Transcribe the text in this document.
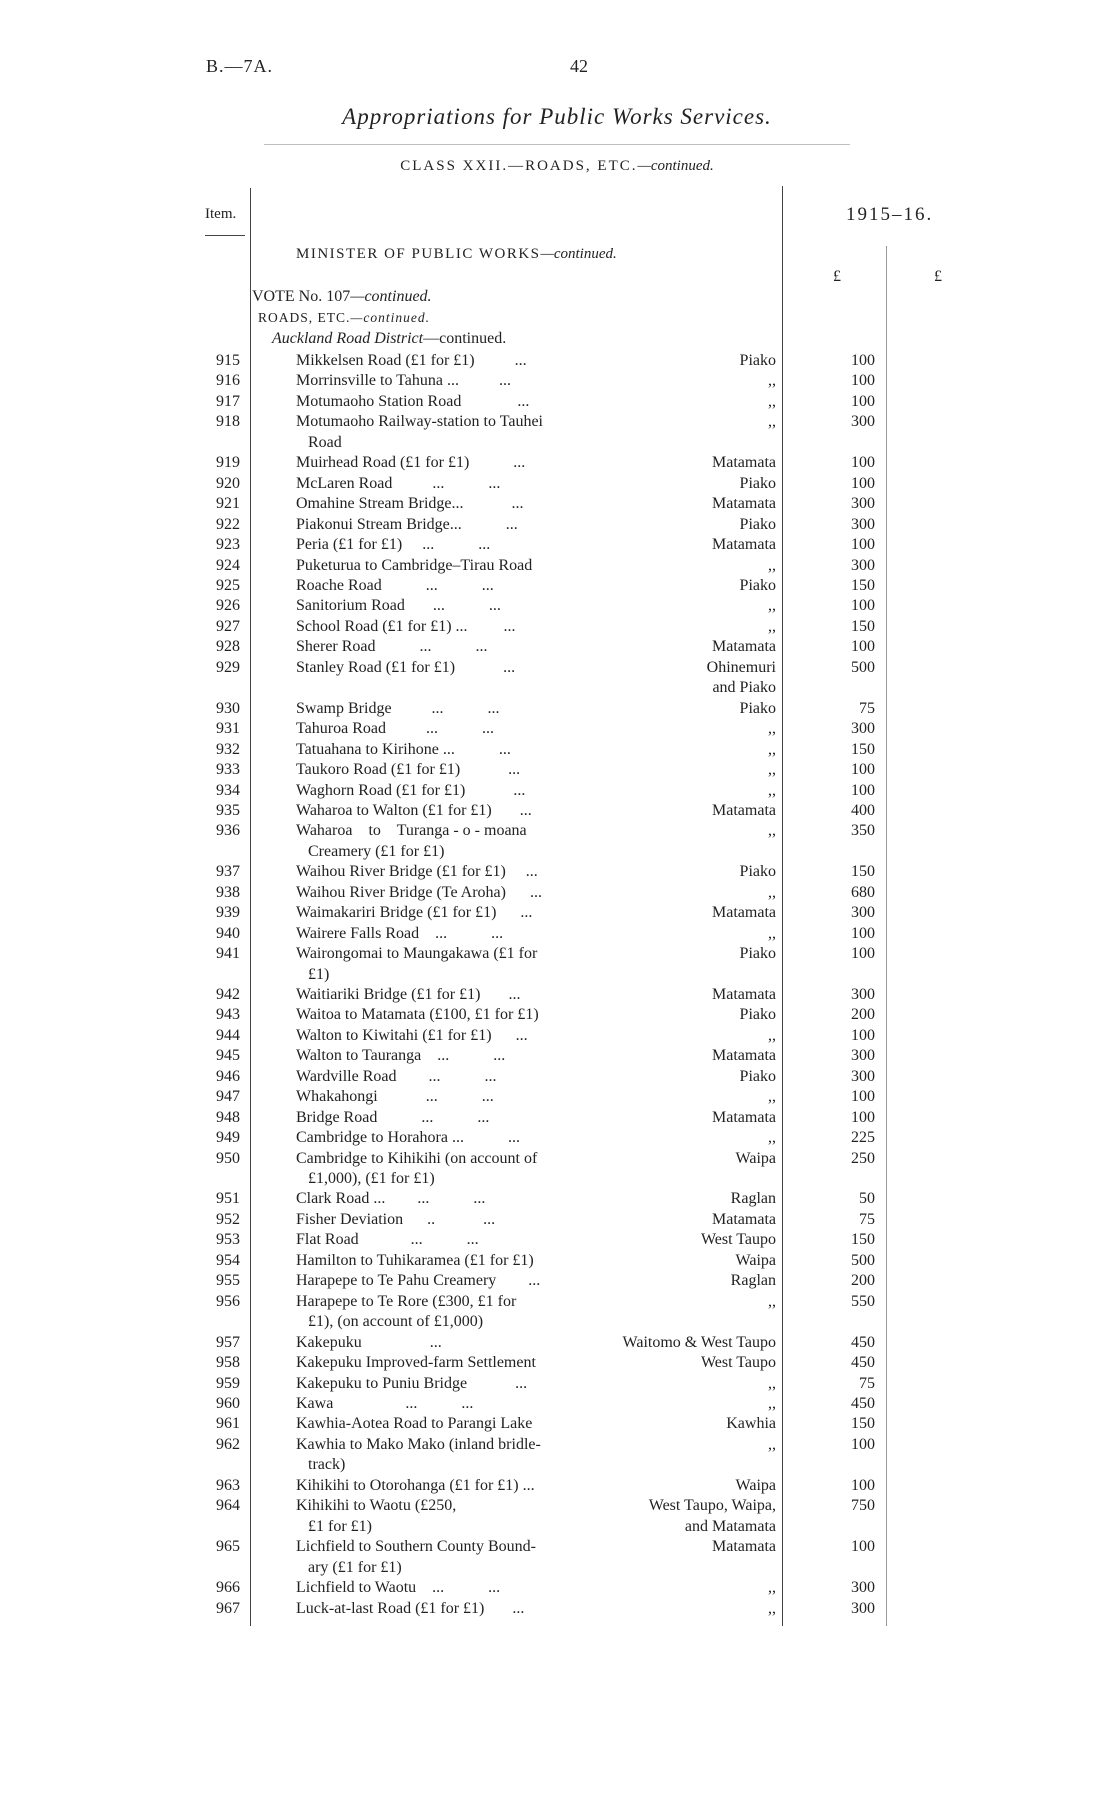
B.—7A.	42
Appropriations for Public Works Services.
CLASS XXII.—ROADS, ETC.—continued.
Item.	1915–16.
£	£
MINISTER OF PUBLIC WORKS—continued.
VOTE No. 107—continued.
ROADS, ETC.—continued.
Auckland Road District—continued.
915	Mikkelsen Road (£1 for £1)          ...	Piako	100
916	Morrinsville to Tahuna ...          ...	,,	100
917	Motumaoho Station Road              ...	,,	100
918	Motumaoho Railway-station to Tauhei	,,	300
Road
919	Muirhead Road (£1 for £1)           ...	Matamata	100
920	McLaren Road          ...           ...	Piako	100
921	Omahine Stream Bridge...            ...	Matamata	300
922	Piakonui Stream Bridge...           ...	Piako	300
923	Peria (£1 for £1)     ...           ...	Matamata	100
924	Puketurua to Cambridge–Tirau Road	,,	300
925	Roache Road           ...           ...	Piako	150
926	Sanitorium Road       ...           ...	,,	100
927	School Road (£1 for £1) ...         ...	,,	150
928	Sherer Road           ...           ...	Matamata	100
929	Stanley Road (£1 for £1)            ...	Ohinemuri	500
and Piako
930	Swamp Bridge          ...           ...	Piako	75
931	Tahuroa Road          ...           ...	,,	300
932	Tatuahana to Kirihone ...           ...	,,	150
933	Taukoro Road (£1 for £1)            ...	,,	100
934	Waghorn Road (£1 for £1)            ...	,,	100
935	Waharoa to Walton (£1 for £1)       ...	Matamata	400
936	Waharoa    to    Turanga - o - moana	,,	350
Creamery (£1 for £1)
937	Waihou River Bridge (£1 for £1)     ...	Piako	150
938	Waihou River Bridge (Te Aroha)      ...	,,	680
939	Waimakariri Bridge (£1 for £1)      ...	Matamata	300
940	Wairere Falls Road    ...           ...	,,	100
941	Wairongomai to Maungakawa (£1 for	Piako	100
£1)
942	Waitiariki Bridge (£1 for £1)       ...	Matamata	300
943	Waitoa to Matamata (£100, £1 for £1)	Piako	200
944	Walton to Kiwitahi (£1 for £1)      ...	,,	100
945	Walton to Tauranga    ...           ...	Matamata	300
946	Wardville Road        ...           ...	Piako	300
947	Whakahongi            ...           ...	,,	100
948	Bridge Road           ...           ...	Matamata	100
949	Cambridge to Horahora ...           ...	,,	225
950	Cambridge to Kihikihi (on account of	Waipa	250
£1,000), (£1 for £1)
951	Clark Road ...        ...           ...	Raglan	50
952	Fisher Deviation      ..            ...	Matamata	75
953	Flat Road             ...           ...	West Taupo	150
954	Hamilton to Tuhikaramea (£1 for £1)	Waipa	500
955	Harapepe to Te Pahu Creamery        ...	Raglan	200
956	Harapepe to Te Rore (£300, £1 for	,,	550
£1), (on account of £1,000)
957	Kakepuku                 ...	Waitomo & West Taupo	450
958	Kakepuku Improved-farm Settlement	West Taupo	450
959	Kakepuku to Puniu Bridge            ...	,,	75
960	Kawa                  ...           ...	,,	450
961	Kawhia-Aotea Road to Parangi Lake	Kawhia	150
962	Kawhia to Mako Mako (inland bridle-	,,	100
track)
963	Kihikihi to Otorohanga (£1 for £1) ...	Waipa	100
964	Kihikihi to Waotu (£250,	West Taupo, Waipa,	750
£1 for £1)	and Matamata
965	Lichfield to Southern County Bound-	Matamata	100
ary (£1 for £1)
966	Lichfield to Waotu    ...           ...	,,	300
967	Luck-at-last Road (£1 for £1)       ...	,,	300
